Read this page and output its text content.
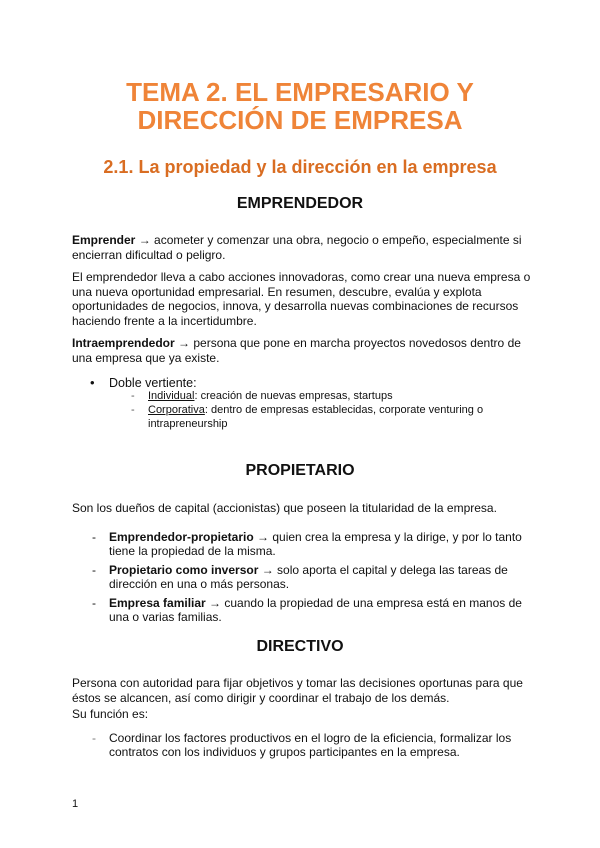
TEMA 2. EL EMPRESARIO Y
DIRECCIÓN DE EMPRESA
2.1. La propiedad y la dirección en la empresa
EMPRENDEDOR
Emprender → acometer y comenzar una obra, negocio o empeño, especialmente si encierran dificultad o peligro.
El emprendedor lleva a cabo acciones innovadoras, como crear una nueva empresa o una nueva oportunidad empresarial. En resumen, descubre, evalúa y explota oportunidades de negocios, innova, y desarrolla nuevas combinaciones de recursos haciendo frente a la incertidumbre.
Intraemprendedor → persona que pone en marcha proyectos novedosos dentro de una empresa que ya existe.
•	Doble vertiente:
- Individual: creación de nuevas empresas, startups
- Corporativa: dentro de empresas establecidas, corporate venturing o intrapreneurship
PROPIETARIO
Son los dueños de capital (accionistas) que poseen la titularidad de la empresa.
- Emprendedor-propietario → quien crea la empresa y la dirige, y por lo tanto tiene la propiedad de la misma.
- Propietario como inversor → solo aporta el capital y delega las tareas de dirección en una o más personas.
- Empresa familiar → cuando la propiedad de una empresa está en manos de una o varias familias.
DIRECTIVO
Persona con autoridad para fijar objetivos y tomar las decisiones oportunas para que éstos se alcancen, así como dirigir y coordinar el trabajo de los demás.
Su función es:
- Coordinar los factores productivos en el logro de la eficiencia, formalizar los contratos con los individuos y grupos participantes en la empresa.
1
